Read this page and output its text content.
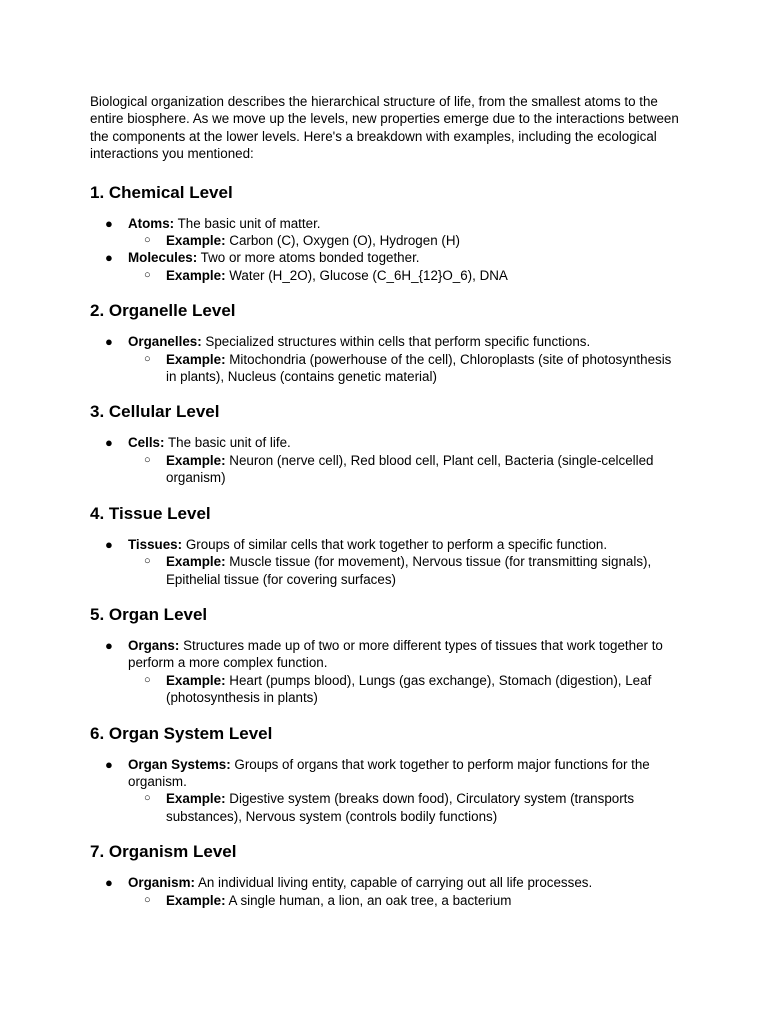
Biological organization describes the hierarchical structure of life, from the smallest atoms to the entire biosphere. As we move up the levels, new properties emerge due to the interactions between the components at the lower levels. Here's a breakdown with examples, including the ecological interactions you mentioned:

1. Chemical Level
● Atoms: The basic unit of matter.
○ Example: Carbon (C), Oxygen (O), Hydrogen (H)
● Molecules: Two or more atoms bonded together.
○ Example: Water (H_2O), Glucose (C_6H_{12}O_6), DNA
2. Organelle Level
● Organelles: Specialized structures within cells that perform specific functions.
○ Example: Mitochondria (powerhouse of the cell), Chloroplasts (site of photosynthesis in plants), Nucleus (contains genetic material)
3. Cellular Level
● Cells: The basic unit of life.
○ Example: Neuron (nerve cell), Red blood cell, Plant cell, Bacteria (single-celcelled organism)
4. Tissue Level
● Tissues: Groups of similar cells that work together to perform a specific function.
○ Example: Muscle tissue (for movement), Nervous tissue (for transmitting signals), Epithelial tissue (for covering surfaces)
5. Organ Level
● Organs: Structures made up of two or more different types of tissues that work together to perform a more complex function.
○ Example: Heart (pumps blood), Lungs (gas exchange), Stomach (digestion), Leaf (photosynthesis in plants)
6. Organ System Level
● Organ Systems: Groups of organs that work together to perform major functions for the organism.
○ Example: Digestive system (breaks down food), Circulatory system (transports substances), Nervous system (controls bodily functions)
7. Organism Level
● Organism: An individual living entity, capable of carrying out all life processes.
○ Example: A single human, a lion, an oak tree, a bacterium
